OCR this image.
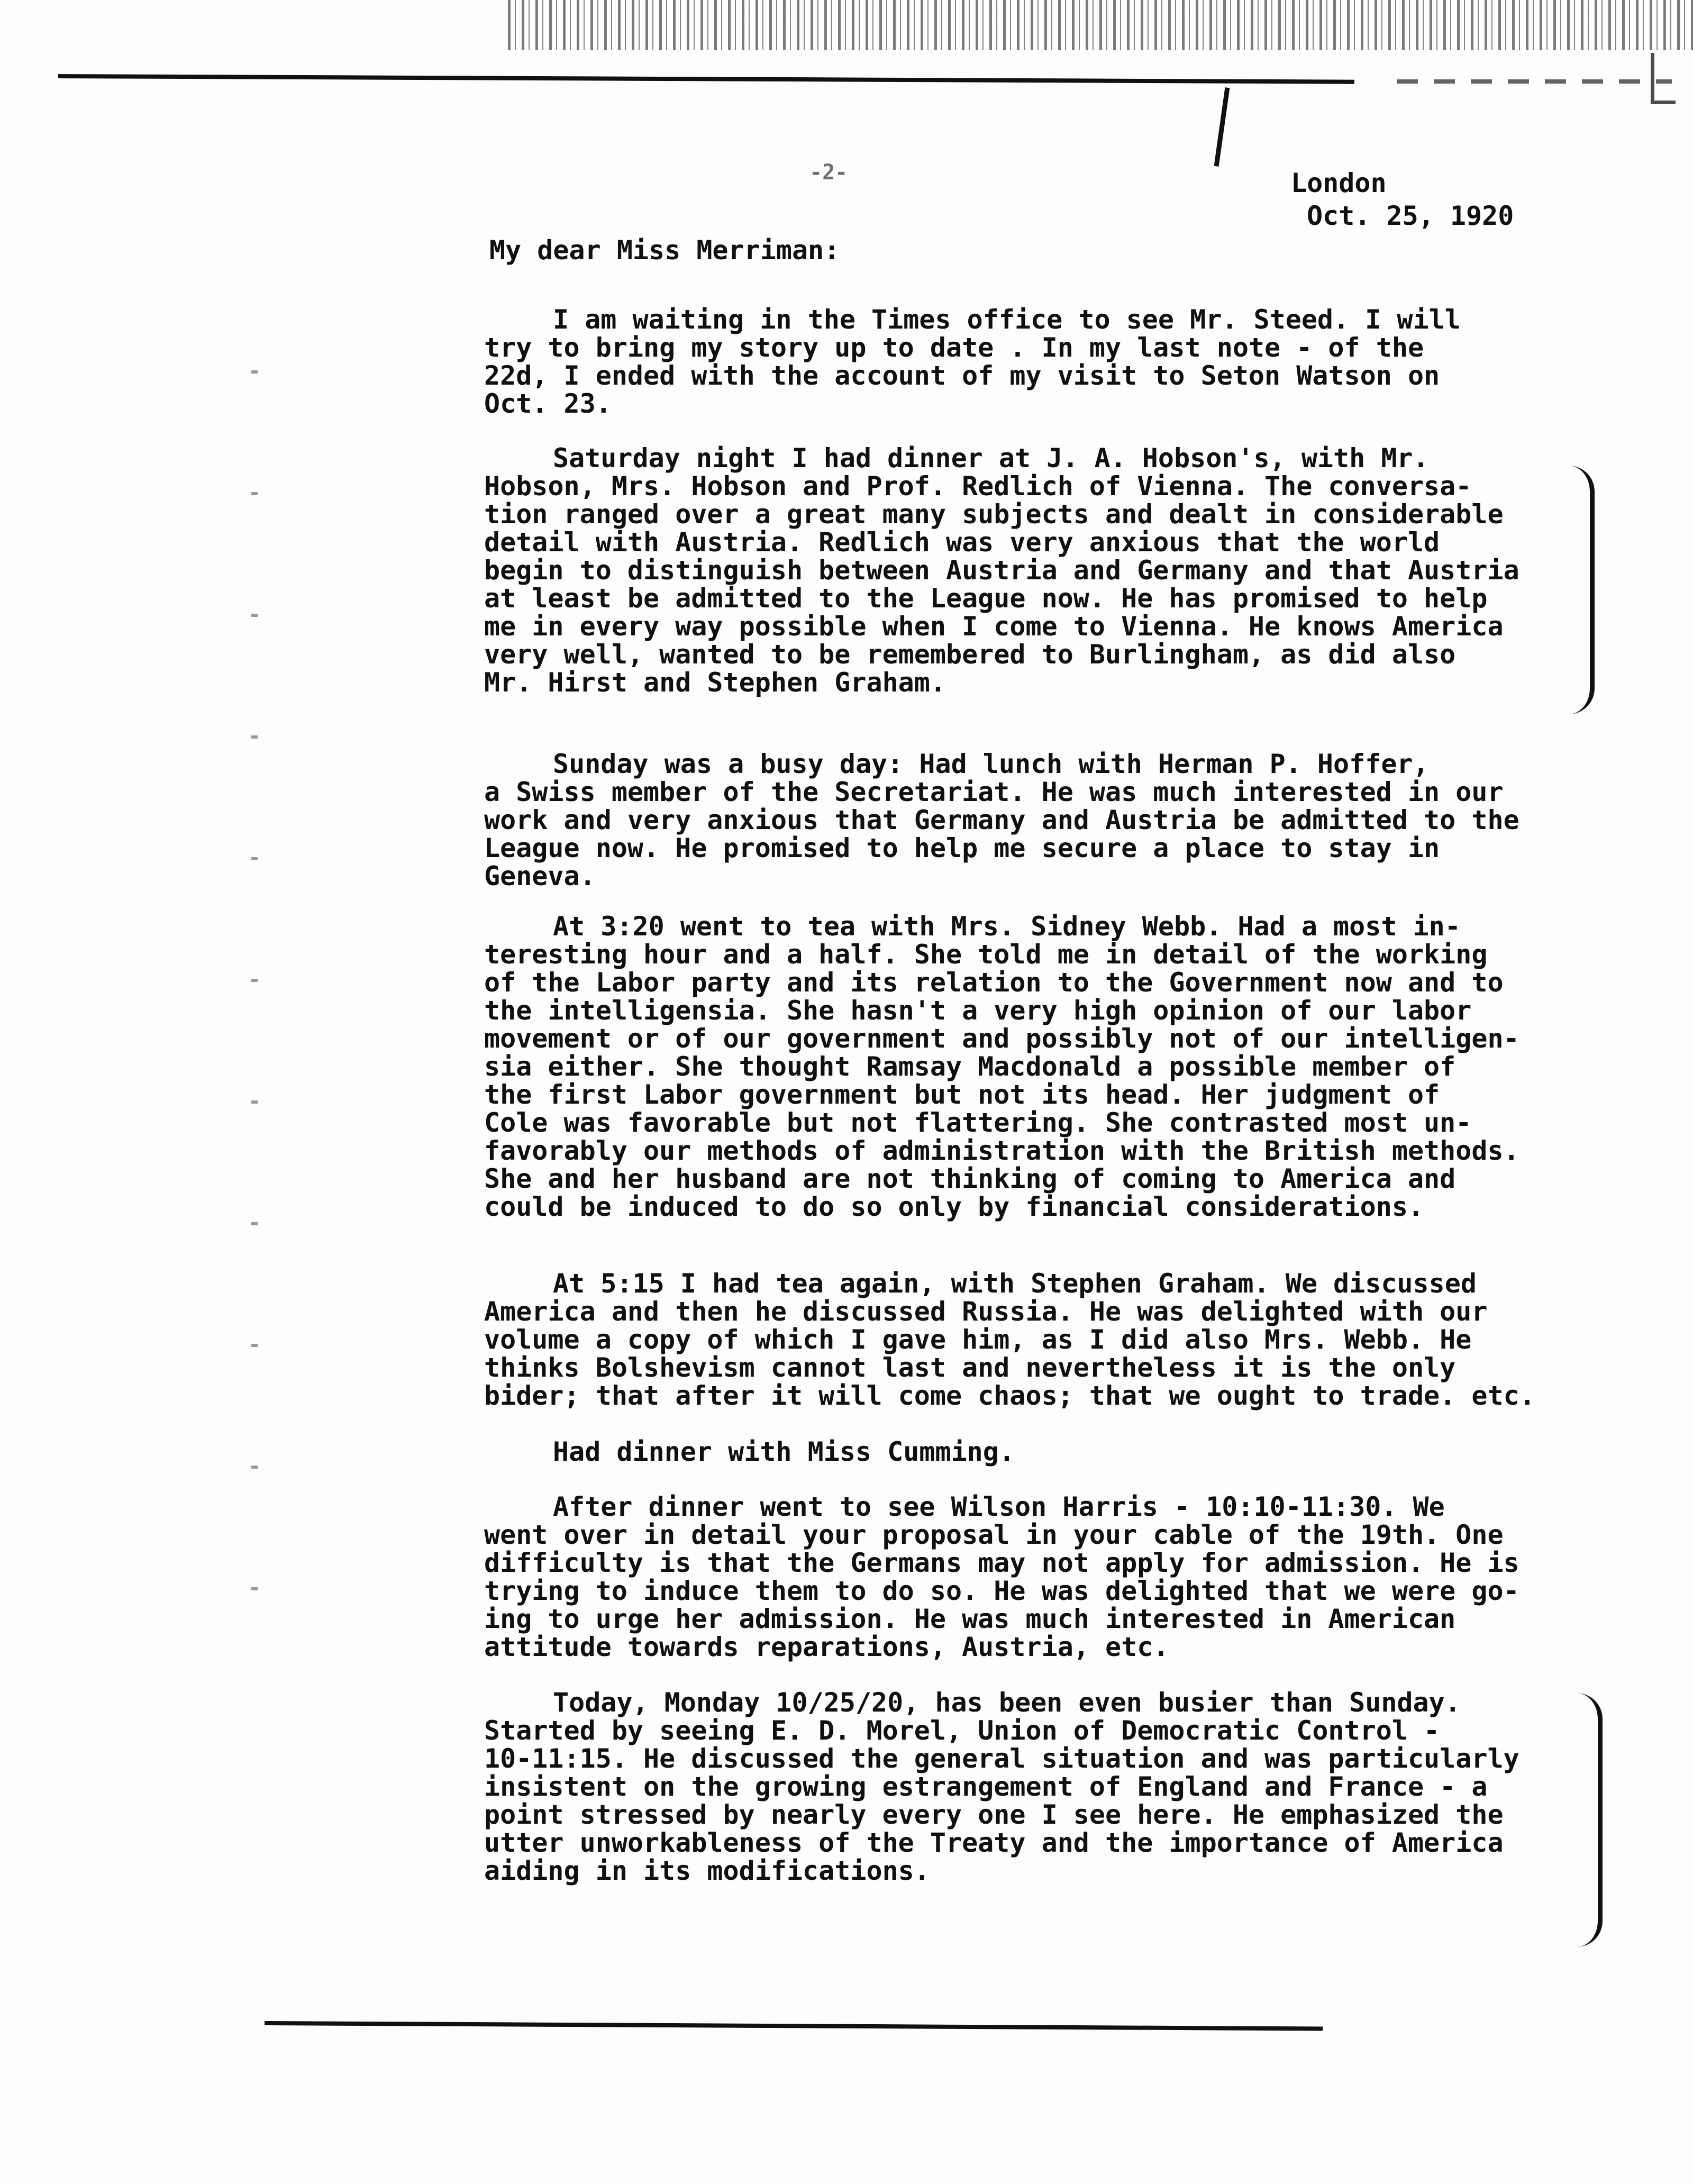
-2-	London
Oct. 25, 1920
My dear Miss Merriman:
I am waiting in the Times office to see Mr. Steed. I will
try to bring my story up to date . In my last note - of the
22d, I ended with the account of my visit to Seton Watson on
Oct. 23.
Saturday night I had dinner at J. A. Hobson's, with Mr.
Hobson, Mrs. Hobson and Prof. Redlich of Vienna. The conversa-
tion ranged over a great many subjects and dealt in considerable
detail with Austria. Redlich was very anxious that the world
begin to distinguish between Austria and Germany and that Austria
at least be admitted to the League now. He has promised to help
me in every way possible when I come to Vienna. He knows America
very well, wanted to be remembered to Burlingham, as did also
Mr. Hirst and Stephen Graham.
Sunday was a busy day: Had lunch with Herman P. Hoffer,
a Swiss member of the Secretariat. He was much interested in our
work and very anxious that Germany and Austria be admitted to the
League now. He promised to help me secure a place to stay in
Geneva.
At 3:20 went to tea with Mrs. Sidney Webb. Had a most in-
teresting hour and a half. She told me in detail of the working
of the Labor party and its relation to the Government now and to
the intelligensia. She hasn't a very high opinion of our labor
movement or of our government and possibly not of our intelligen-
sia either. She thought Ramsay Macdonald a possible member of
the first Labor government but not its head. Her judgment of
Cole was favorable but not flattering. She contrasted most un-
favorably our methods of administration with the British methods.
She and her husband are not thinking of coming to America and
could be induced to do so only by financial considerations.
At 5:15 I had tea again, with Stephen Graham. We discussed
America and then he discussed Russia. He was delighted with our
volume a copy of which I gave him, as I did also Mrs. Webb. He
thinks Bolshevism cannot last and nevertheless it is the only
bider; that after it will come chaos; that we ought to trade. etc.
Had dinner with Miss Cumming.
After dinner went to see Wilson Harris - 10:10-11:30. We
went over in detail your proposal in your cable of the 19th. One
difficulty is that the Germans may not apply for admission. He is
trying to induce them to do so. He was delighted that we were go-
ing to urge her admission. He was much interested in American
attitude towards reparations, Austria, etc.
Today, Monday 10/25/20, has been even busier than Sunday.
Started by seeing E. D. Morel, Union of Democratic Control -
10-11:15. He discussed the general situation and was particularly
insistent on the growing estrangement of England and France - a
point stressed by nearly every one I see here. He emphasized the
utter unworkableness of the Treaty and the importance of America
aiding in its modifications.
